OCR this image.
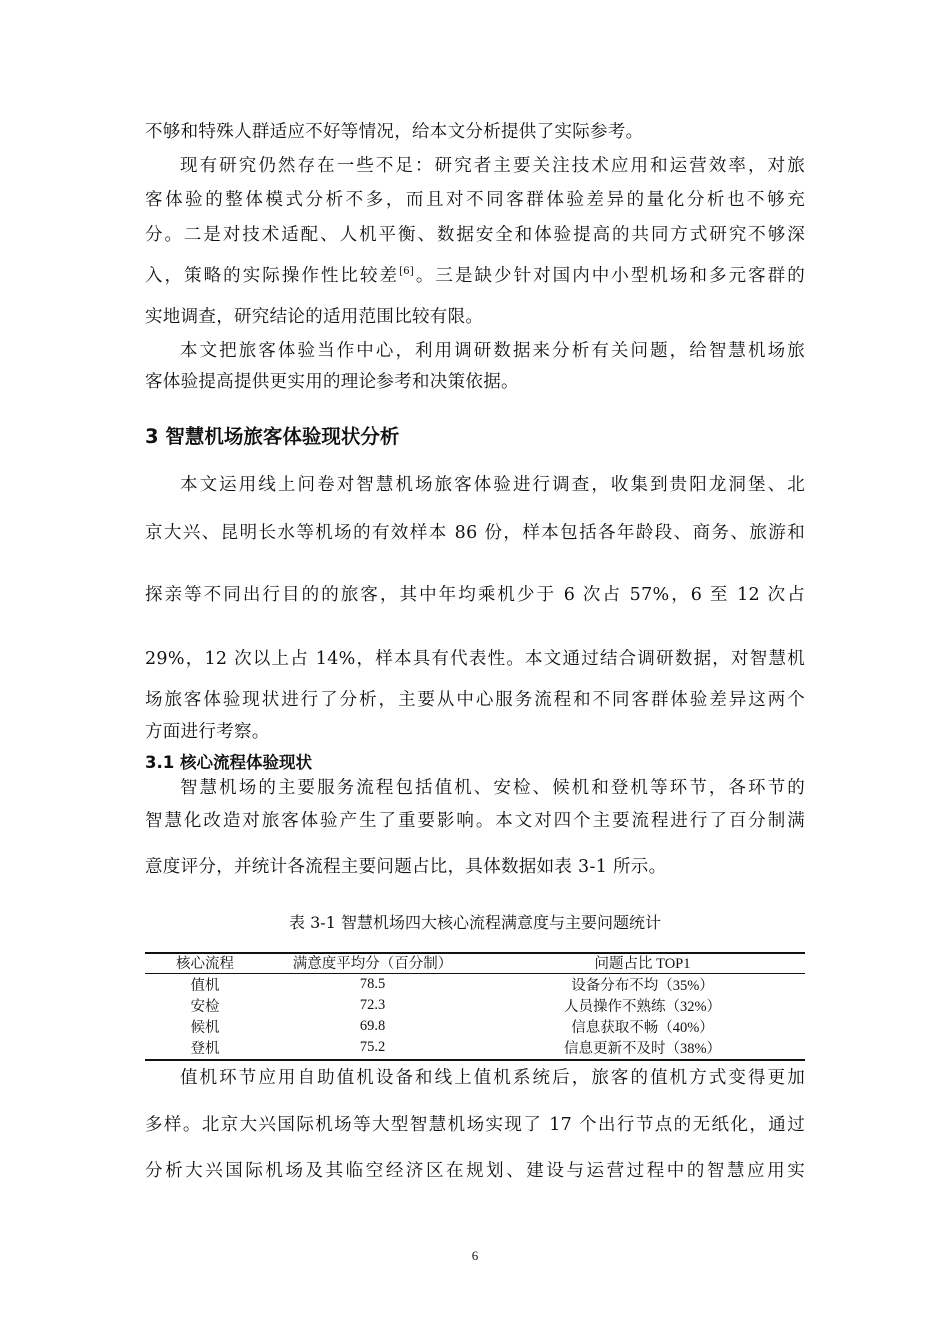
不够和特殊人群适应不好等情况，给本文分析提供了实际参考。
现有研究仍然存在一些不足：研究者主要关注技术应用和运营效率，对旅
客体验的整体模式分析不多，而且对不同客群体验差异的量化分析也不够充
分。二是对技术适配、人机平衡、数据安全和体验提高的共同方式研究不够深
入，策略的实际操作性比较差[6]。三是缺少针对国内中小型机场和多元客群的
实地调查，研究结论的适用范围比较有限。
本文把旅客体验当作中心，利用调研数据来分析有关问题，给智慧机场旅
客体验提高提供更实用的理论参考和决策依据。
3 智慧机场旅客体验现状分析
本文运用线上问卷对智慧机场旅客体验进行调查，收集到贵阳龙洞堡、北
京大兴、昆明长水等机场的有效样本 86 份，样本包括各年龄段、商务、旅游和
探亲等不同出行目的的旅客，其中年均乘机少于 6 次占 57%，6 至 12 次占
29%，12 次以上占 14%，样本具有代表性。本文通过结合调研数据，对智慧机
场旅客体验现状进行了分析，主要从中心服务流程和不同客群体验差异这两个
方面进行考察。
3.1 核心流程体验现状
智慧机场的主要服务流程包括值机、安检、候机和登机等环节，各环节的
智慧化改造对旅客体验产生了重要影响。本文对四个主要流程进行了百分制满
意度评分，并统计各流程主要问题占比，具体数据如表 3-1 所示。
表 3-1 智慧机场四大核心流程满意度与主要问题统计
核心流程	满意度平均分（百分制）	问题占比 TOP1
值机	78.5	设备分布不均（35%）
安检	72.3	人员操作不熟练（32%）
候机	69.8	信息获取不畅（40%）
登机	75.2	信息更新不及时（38%）
值机环节应用自助值机设备和线上值机系统后，旅客的值机方式变得更加
多样。北京大兴国际机场等大型智慧机场实现了 17 个出行节点的无纸化，通过
分析大兴国际机场及其临空经济区在规划、建设与运营过程中的智慧应用实
6
